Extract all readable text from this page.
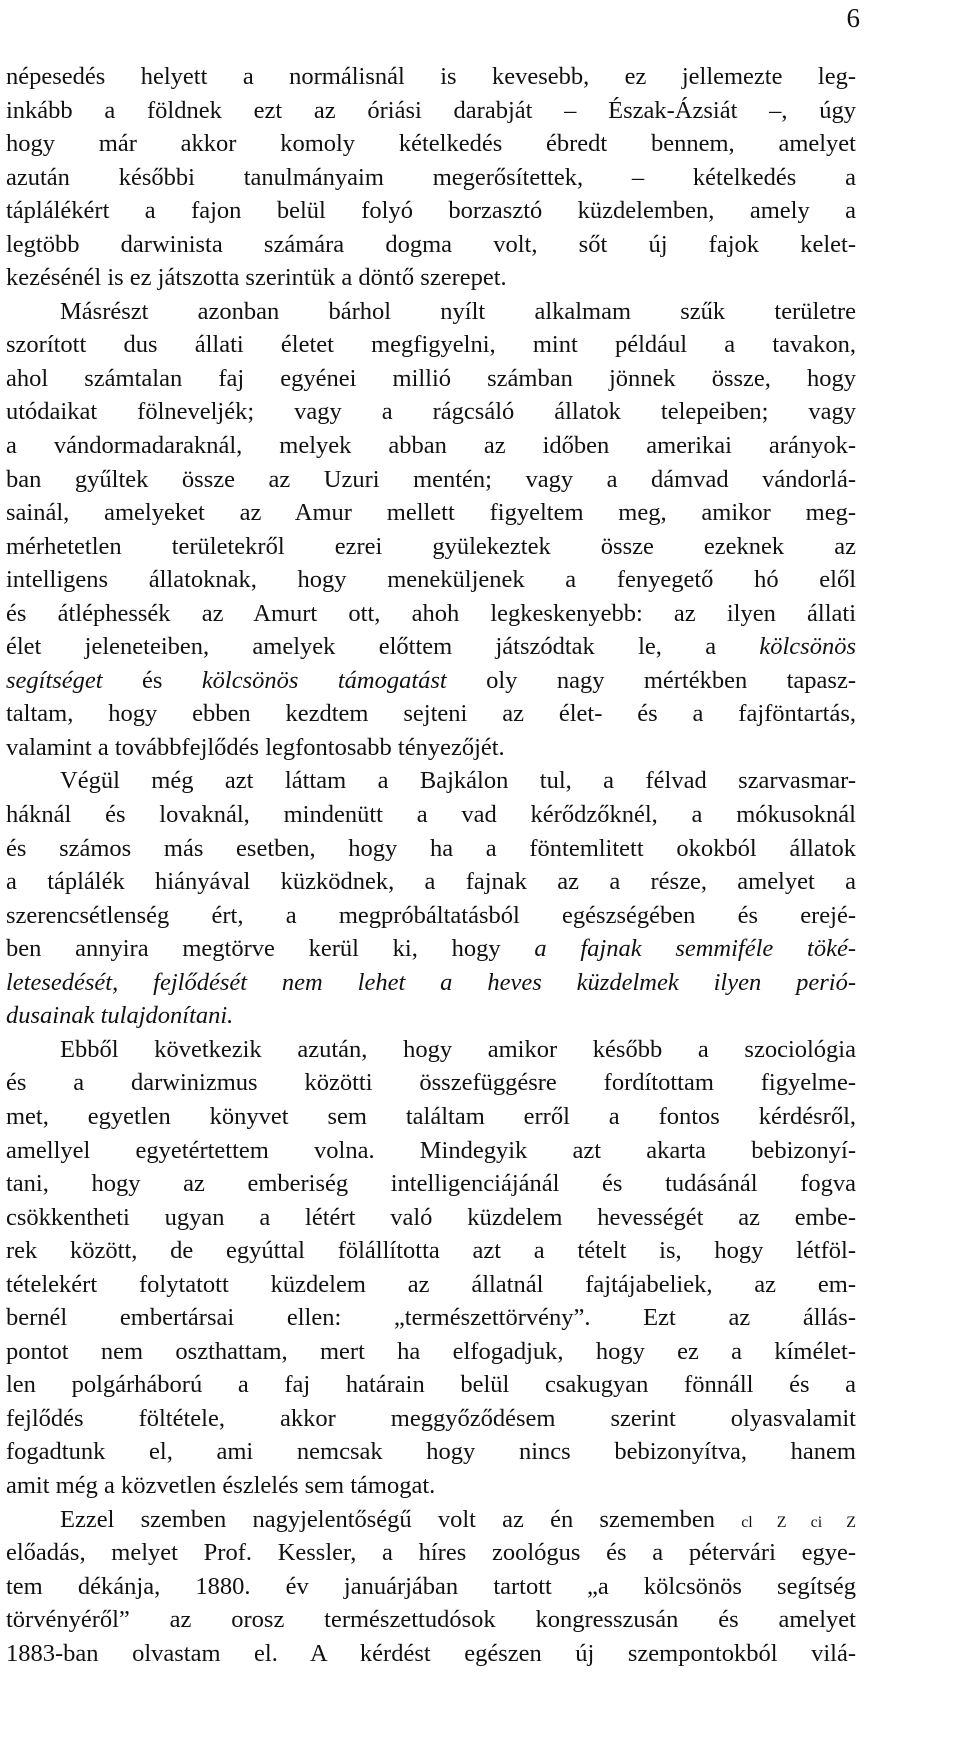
6
népesedés helyett a normálisnál is kevesebb, ez jellemezte leg-
inkább a földnek ezt az óriási darabját – Észak-Ázsiát –, úgy
hogy már akkor komoly kételkedés ébredt bennem, amelyet
azután későbbi tanulmányaim megerősítettek, – kételkedés a
táplálékért a fajon belül folyó borzasztó küzdelemben, amely a
legtöbb darwinista számára dogma volt, sőt új fajok kelet-
kezésénél is ez játszotta szerintük a döntő szerepet.
Másrészt azonban bárhol nyílt alkalmam szűk területre
szorított dus állati életet megfigyelni, mint például a tavakon,
ahol számtalan faj egyénei millió számban jönnek össze, hogy
utódaikat fölneveljék; vagy a rágcsáló állatok telepeiben; vagy
a vándormadaraknál, melyek abban az időben amerikai arányok-
ban gyűltek össze az Uzuri mentén; vagy a dámvad vándorlá-
sainál, amelyeket az Amur mellett figyeltem meg, amikor meg-
mérhetetlen területekről ezrei gyülekeztek össze ezeknek az
intelligens állatoknak, hogy meneküljenek a fenyegető hó elől
és átléphessék az Amurt ott, ahoh legkeskenyebb: az ilyen állati
élet jeleneteiben, amelyek előttem játszódtak le, a kölcsönös
segítséget és kölcsönös támogatást oly nagy mértékben tapasz-
taltam, hogy ebben kezdtem sejteni az élet- és a fajföntartás,
valamint a továbbfejlődés legfontosabb tényezőjét.
Végül még azt láttam a Bajkálon tul, a félvad szarvasmar-
háknál és lovaknál, mindenütt a vad kérődzőknél, a mókusoknál
és számos más esetben, hogy ha a föntemlitett okokból állatok
a táplálék hiányával küzködnek, a fajnak az a része, amelyet a
szerencsétlenség ért, a megpróbáltatásból egészségében és erejé-
ben annyira megtörve kerül ki, hogy a fajnak semmiféle töké-
letesedését, fejlődését nem lehet a heves küzdelmek ilyen perió-
dusainak tulajdonítani.
Ebből következik azután, hogy amikor később a szociológia
és a darwinizmus közötti összefüggésre fordítottam figyelme-
met, egyetlen könyvet sem találtam erről a fontos kérdésről,
amellyel egyetértettem volna. Mindegyik azt akarta bebizonyí-
tani, hogy az emberiség intelligenciájánál és tudásánál fogva
csökkentheti ugyan a létért való küzdelem hevességét az embe-
rek között, de egyúttal fölállította azt a tételt is, hogy létföl-
tételekért folytatott küzdelem az állatnál fajtájabeliek, az em-
bernél embertársai ellen: „természettörvény”. Ezt az állás-
pontot nem oszthattam, mert ha elfogadjuk, hogy ez a kímélet-
len polgárháború a faj határain belül csakugyan fönnáll és a
fejlődés föltétele, akkor meggyőződésem szerint olyasvalamit
fogadtunk el, ami nemcsak hogy nincs bebizonyítva, hanem
amit még a közvetlen észlelés sem támogat.
Ezzel szemben nagyjelentőségű volt az én szememben cl Z ci Z
előadás, melyet Prof. Kessler, a híres zoológus és a pétervári egye-
tem dékánja, 1880. év januárjában tartott „a kölcsönös segítség
törvényéről” az orosz természettudósok kongresszusán és amelyet
1883-ban olvastam el. A kérdést egészen új szempontokból vilá-
